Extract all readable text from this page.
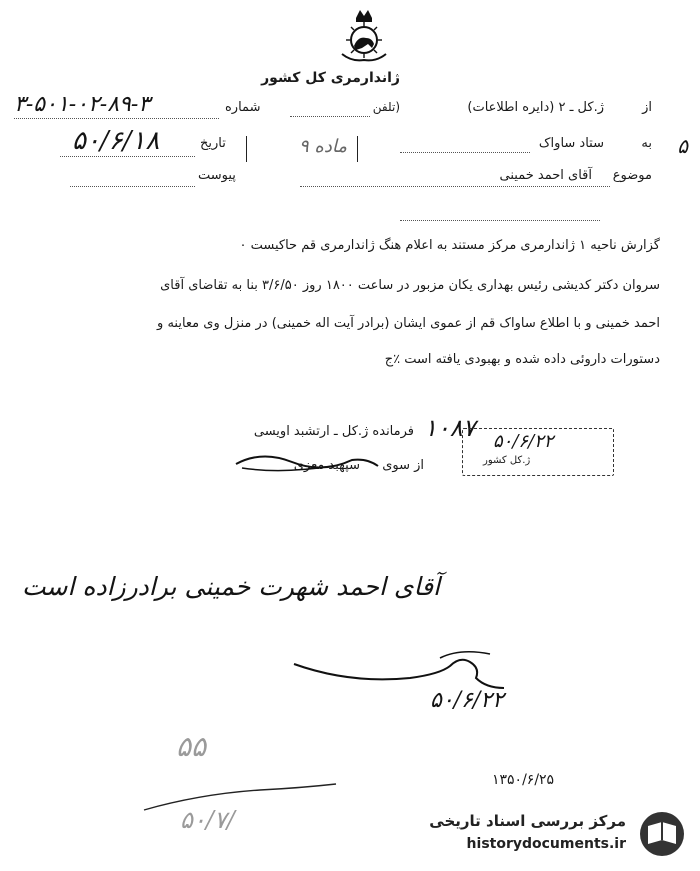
ژاندارمری کل کشور
از
ژ.کل ـ ۲ (دایره اطلاعات)
(تلفن
به
ستاد ساواک	۵
موضوع
آقای احمد خمینی
شماره
۳-۵۰۱-۰۲-۸۹-۳
تاریخ
۵۰/۶/۱۸
پیوست
ماده ۹
گزارش ناحیه ۱ ژاندارمری مرکز مستند به اعلام هنگ ژاندارمری قم حاکیست ۰
سروان دکتر کدیشی رئیس بهداری یکان مزبور در ساعت ۱۸۰۰ روز ۳/۶/۵۰ بنا به تقاضای آقای
احمد خمینی و با اطلاع ساواک قم از عموی ایشان (برادر آیت اله خمینی) در منزل وی معاینه و
دستورات داروئی داده شده و بهبودی یافته است ٪ج
فرمانده ژ.کل ـ ارتشبد اویسی ۱۰۸۷
از سوی
سپهبد معزی
۵۰/۶/۲۲
ژ.کل کشور
آقای احمد شهرت خمینی برادرزاده است
۵۰/۶/۲۲
۵۵
۵۰/۷/
۱۳۵۰/۶/۲۵
مرکز بررسی اسناد تاریخی
historydocuments.ir
